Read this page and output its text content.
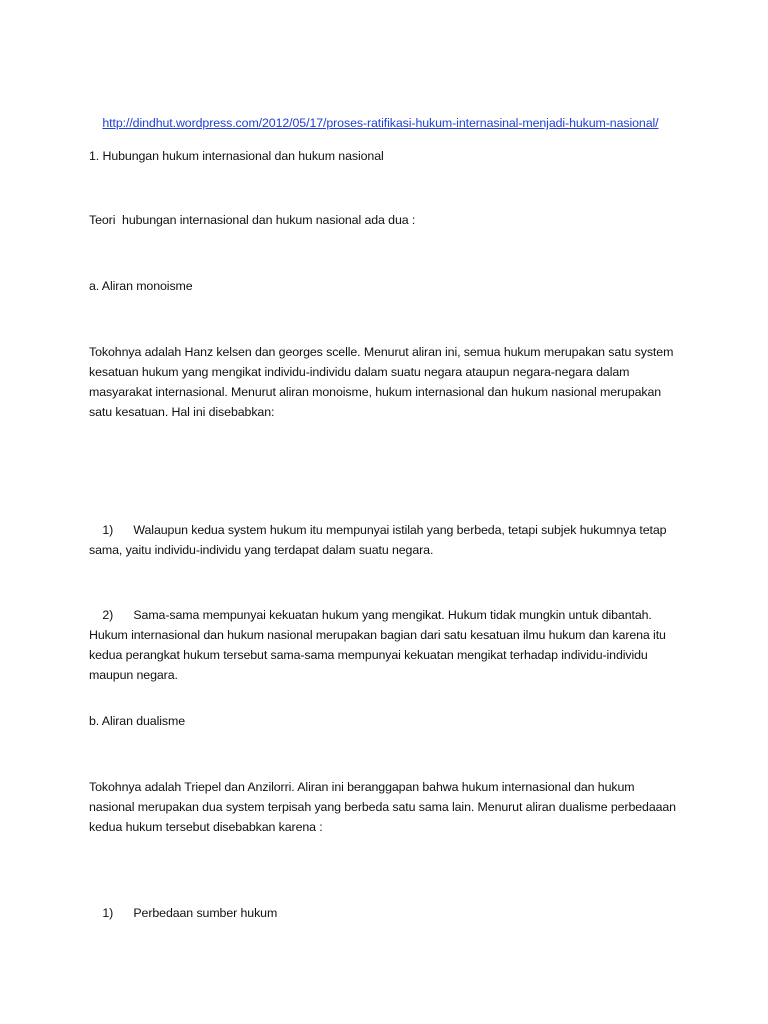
http://dindhut.wordpress.com/2012/05/17/proses-ratifikasi-hukum-internasinal-menjadi-hukum-nasional/

1. Hubungan hukum internasional dan hukum nasional
Teori  hubungan internasional dan hukum nasional ada dua :
a. Aliran monoisme
Tokohnya adalah Hanz kelsen dan georges scelle. Menurut aliran ini, semua hukum merupakan satu system kesatuan hukum yang mengikat individu-individu dalam suatu negara ataupun negara-negara dalam masyarakat internasional. Menurut aliran monoisme, hukum internasional dan hukum nasional merupakan satu kesatuan. Hal ini disebabkan:

1) Walaupun kedua system hukum itu mempunyai istilah yang berbeda, tetapi subjek hukumnya tetap sama, yaitu individu-individu yang terdapat dalam suatu negara.

2) Sama-sama mempunyai kekuatan hukum yang mengikat. Hukum tidak mungkin untuk dibantah. Hukum internasional dan hukum nasional merupakan bagian dari satu kesatuan ilmu hukum dan karena itu kedua perangkat hukum tersebut sama-sama mempunyai kekuatan mengikat terhadap individu-individu maupun negara.

b. Aliran dualisme
Tokohnya adalah Triepel dan Anzilorri. Aliran ini beranggapan bahwa hukum internasional dan hukum nasional merupakan dua system terpisah yang berbeda satu sama lain. Menurut aliran dualisme perbedaaan kedua hukum tersebut disebabkan karena :

1) Perbedaan sumber hukum
